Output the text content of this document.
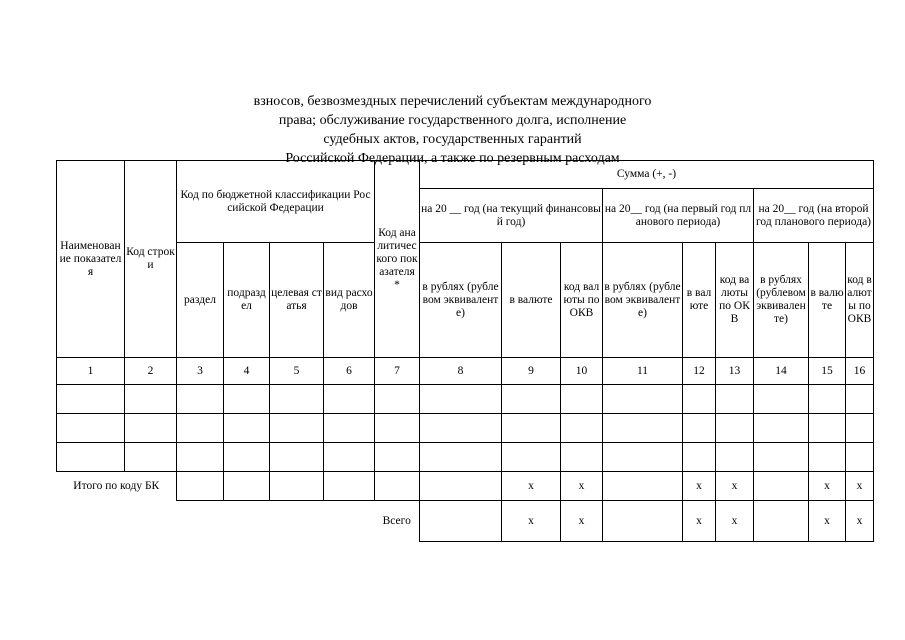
взносов, безвозмездных перечислений субъектам международного
права; обслуживание государственного долга, исполнение
судебных актов, государственных гарантий
Российской Федерации, а также по резервным расходам
Наименование показателя	Код строки	Код по бюджетной классификации Российской Федерации				Код аналитического показателя *	Сумма (+, -)								
							на 20 __ год (на текущий финансовый год)			на 20__ год (на первый год планового периода)			на 20__ год (на второй год планового периода)		
		раздел	подраздел	целевая статья	вид расходов		в рублях (рублевом эквиваленте)	в валюте	код валюты по ОКВ	в рублях (рублевом эквиваленте)	в валюте	код валюты по ОКВ	в рублях (рублевом эквиваленте)	в валюте	код валюты по ОКВ

1	2	3	4	5	6	7	8	9	10	11	12	13	14	15	16

Итого по коду БК								x	x		x	x		x	x
						Всего		x	x		x	x		x	x
